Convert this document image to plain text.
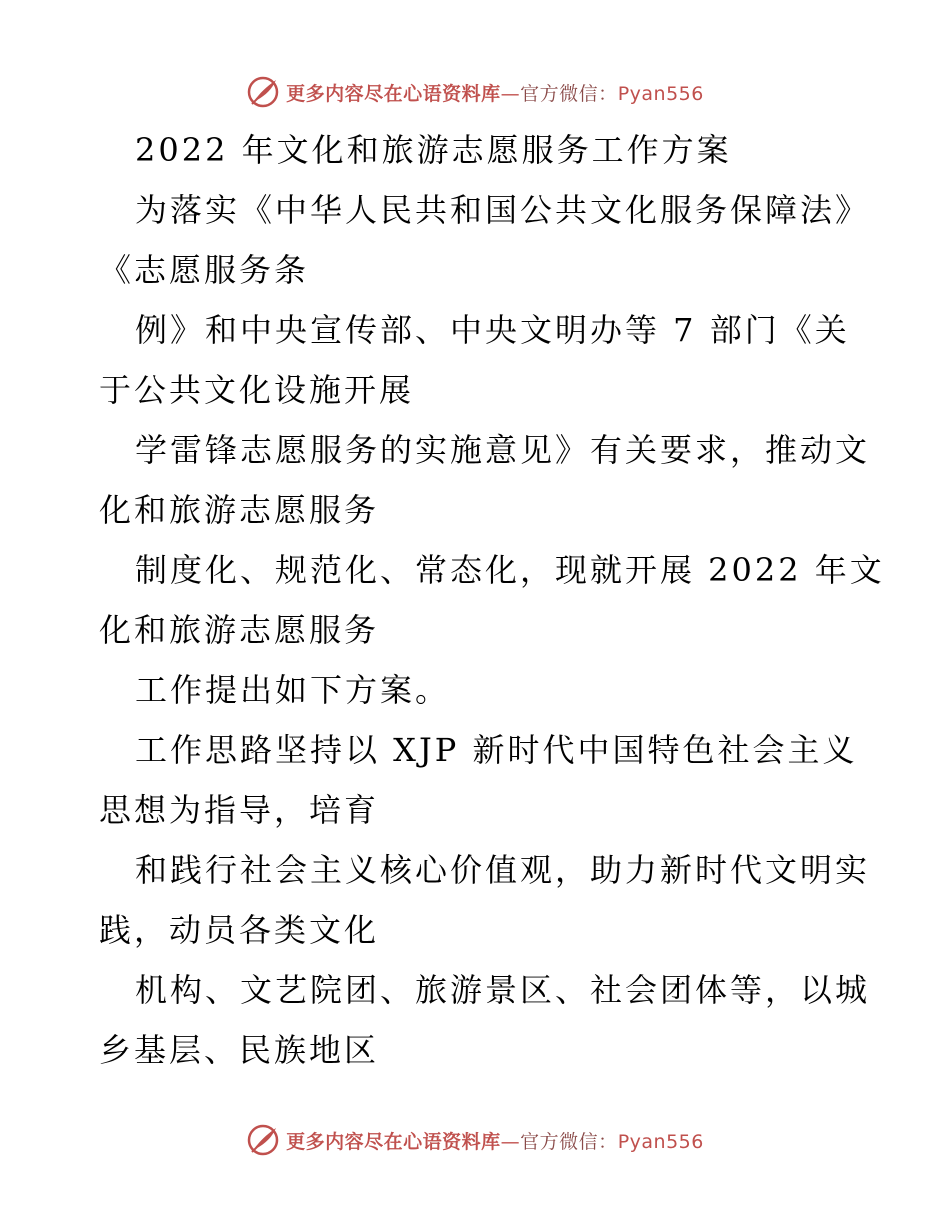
更多内容尽在心语资料库—官方微信：Pyan556
2022 年文化和旅游志愿服务工作方案
为落实《中华人民共和国公共文化服务保障法》
《志愿服务条
例》和中央宣传部、中央文明办等 7 部门《关
于公共文化设施开展
学雷锋志愿服务的实施意见》有关要求，推动文
化和旅游志愿服务
制度化、规范化、常态化，现就开展 2022 年文
化和旅游志愿服务
工作提出如下方案。
工作思路坚持以 XJP 新时代中国特色社会主义
思想为指导，培育
和践行社会主义核心价值观，助力新时代文明实
践，动员各类文化
机构、文艺院团、旅游景区、社会团体等，以城
乡基层、民族地区
更多内容尽在心语资料库—官方微信：Pyan556
